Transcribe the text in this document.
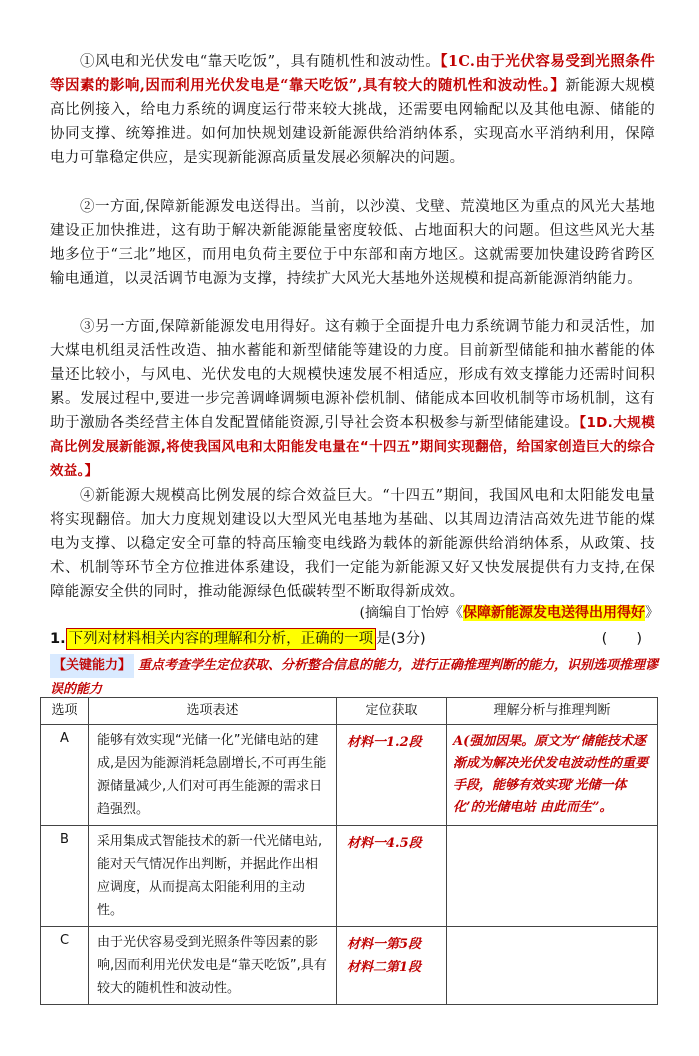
①风电和光伏发电“靠天吃饭”，具有随机性和波动性。【1C.由于光伏容易受到光照条件等因素的影响,因而利用光伏发电是“靠天吃饭”,具有较大的随机性和波动性。】新能源大规模高比例接入，给电力系统的调度运行带来较大挑战，还需要电网输配以及其他电源、储能的协同支撑、统筹推进。如何加快规划建设新能源供给消纳体系，实现高水平消纳利用，保障电力可靠稳定供应，是实现新能源高质量发展必须解决的问题。
②一方面,保障新能源发电送得出。当前，以沙漠、戈壁、荒漠地区为重点的风光大基地建设正加快推进，这有助于解决新能源能量密度较低、占地面积大的问题。但这些风光大基地多位于“三北”地区，而用电负荷主要位于中东部和南方地区。这就需要加快建设跨省跨区输电通道，以灵活调节电源为支撑，持续扩大风光大基地外送规模和提高新能源消纳能力。
③另一方面,保障新能源发电用得好。这有赖于全面提升电力系统调节能力和灵活性，加大煤电机组灵活性改造、抽水蓄能和新型储能等建设的力度。目前新型储能和抽水蓄能的体量还比较小，与风电、光伏发电的大规模快速发展不相适应，形成有效支撑能力还需时间积累。发展过程中,要进一步完善调峰调频电源补偿机制、储能成本回收机制等市场机制，这有助于激励各类经营主体自发配置储能资源,引导社会资本积极参与新型储能建设。【1D.大规模高比例发展新能源,将使我国风电和太阳能发电量在“十四五”期间实现翻倍，给国家创造巨大的综合效益。】
④新能源大规模高比例发展的综合效益巨大。“十四五”期间，我国风电和太阳能发电量将实现翻倍。加大力度规划建设以大型风光电基地为基础、以其周边清洁高效先进节能的煤电为支撑、以稳定安全可靠的特高压输变电线路为载体的新能源供给消纳体系，从政策、技术、机制等环节全方位推进体系建设，我们一定能为新能源又好又快发展提供有力支持,在保障能源安全供的同时，推动能源绿色低碳转型不断取得新成效。
(摘编自丁怡婷《保障新能源发电送得出用得好》
1. 下列对材料相关内容的理解和分析，正确的一项 是(3分)	(　　)
【关键能力】 重点考查学生定位获取、分析整合信息的能力，进行正确推理判断的能力，识别选项推理谬误的能力
选项	选项表述	定位获取	理解分析与推理判断
A	能够有效实现“光储一化”光储电站的建成,是因为能源消耗急剧增长,不可再生能源储量减少,人们对可再生能源的需求日趋强烈。	材料一1.2段	A(强加因果。原文为“储能技术逐渐成为解决光伏发电波动性的重要手段，能够有效实现‘光储一体化’的光储电站 由此而生”。
B	采用集成式智能技术的新一代光储电站,能对天气情况作出判断，并据此作出相应调度，从而提高太阳能利用的主动性。	材料一4.5段	
C	由于光伏容易受到光照条件等因素的影响,因而利用光伏发电是“靠天吃饭”,具有较大的随机性和波动性。	材料一第5段
材料二第1段	
